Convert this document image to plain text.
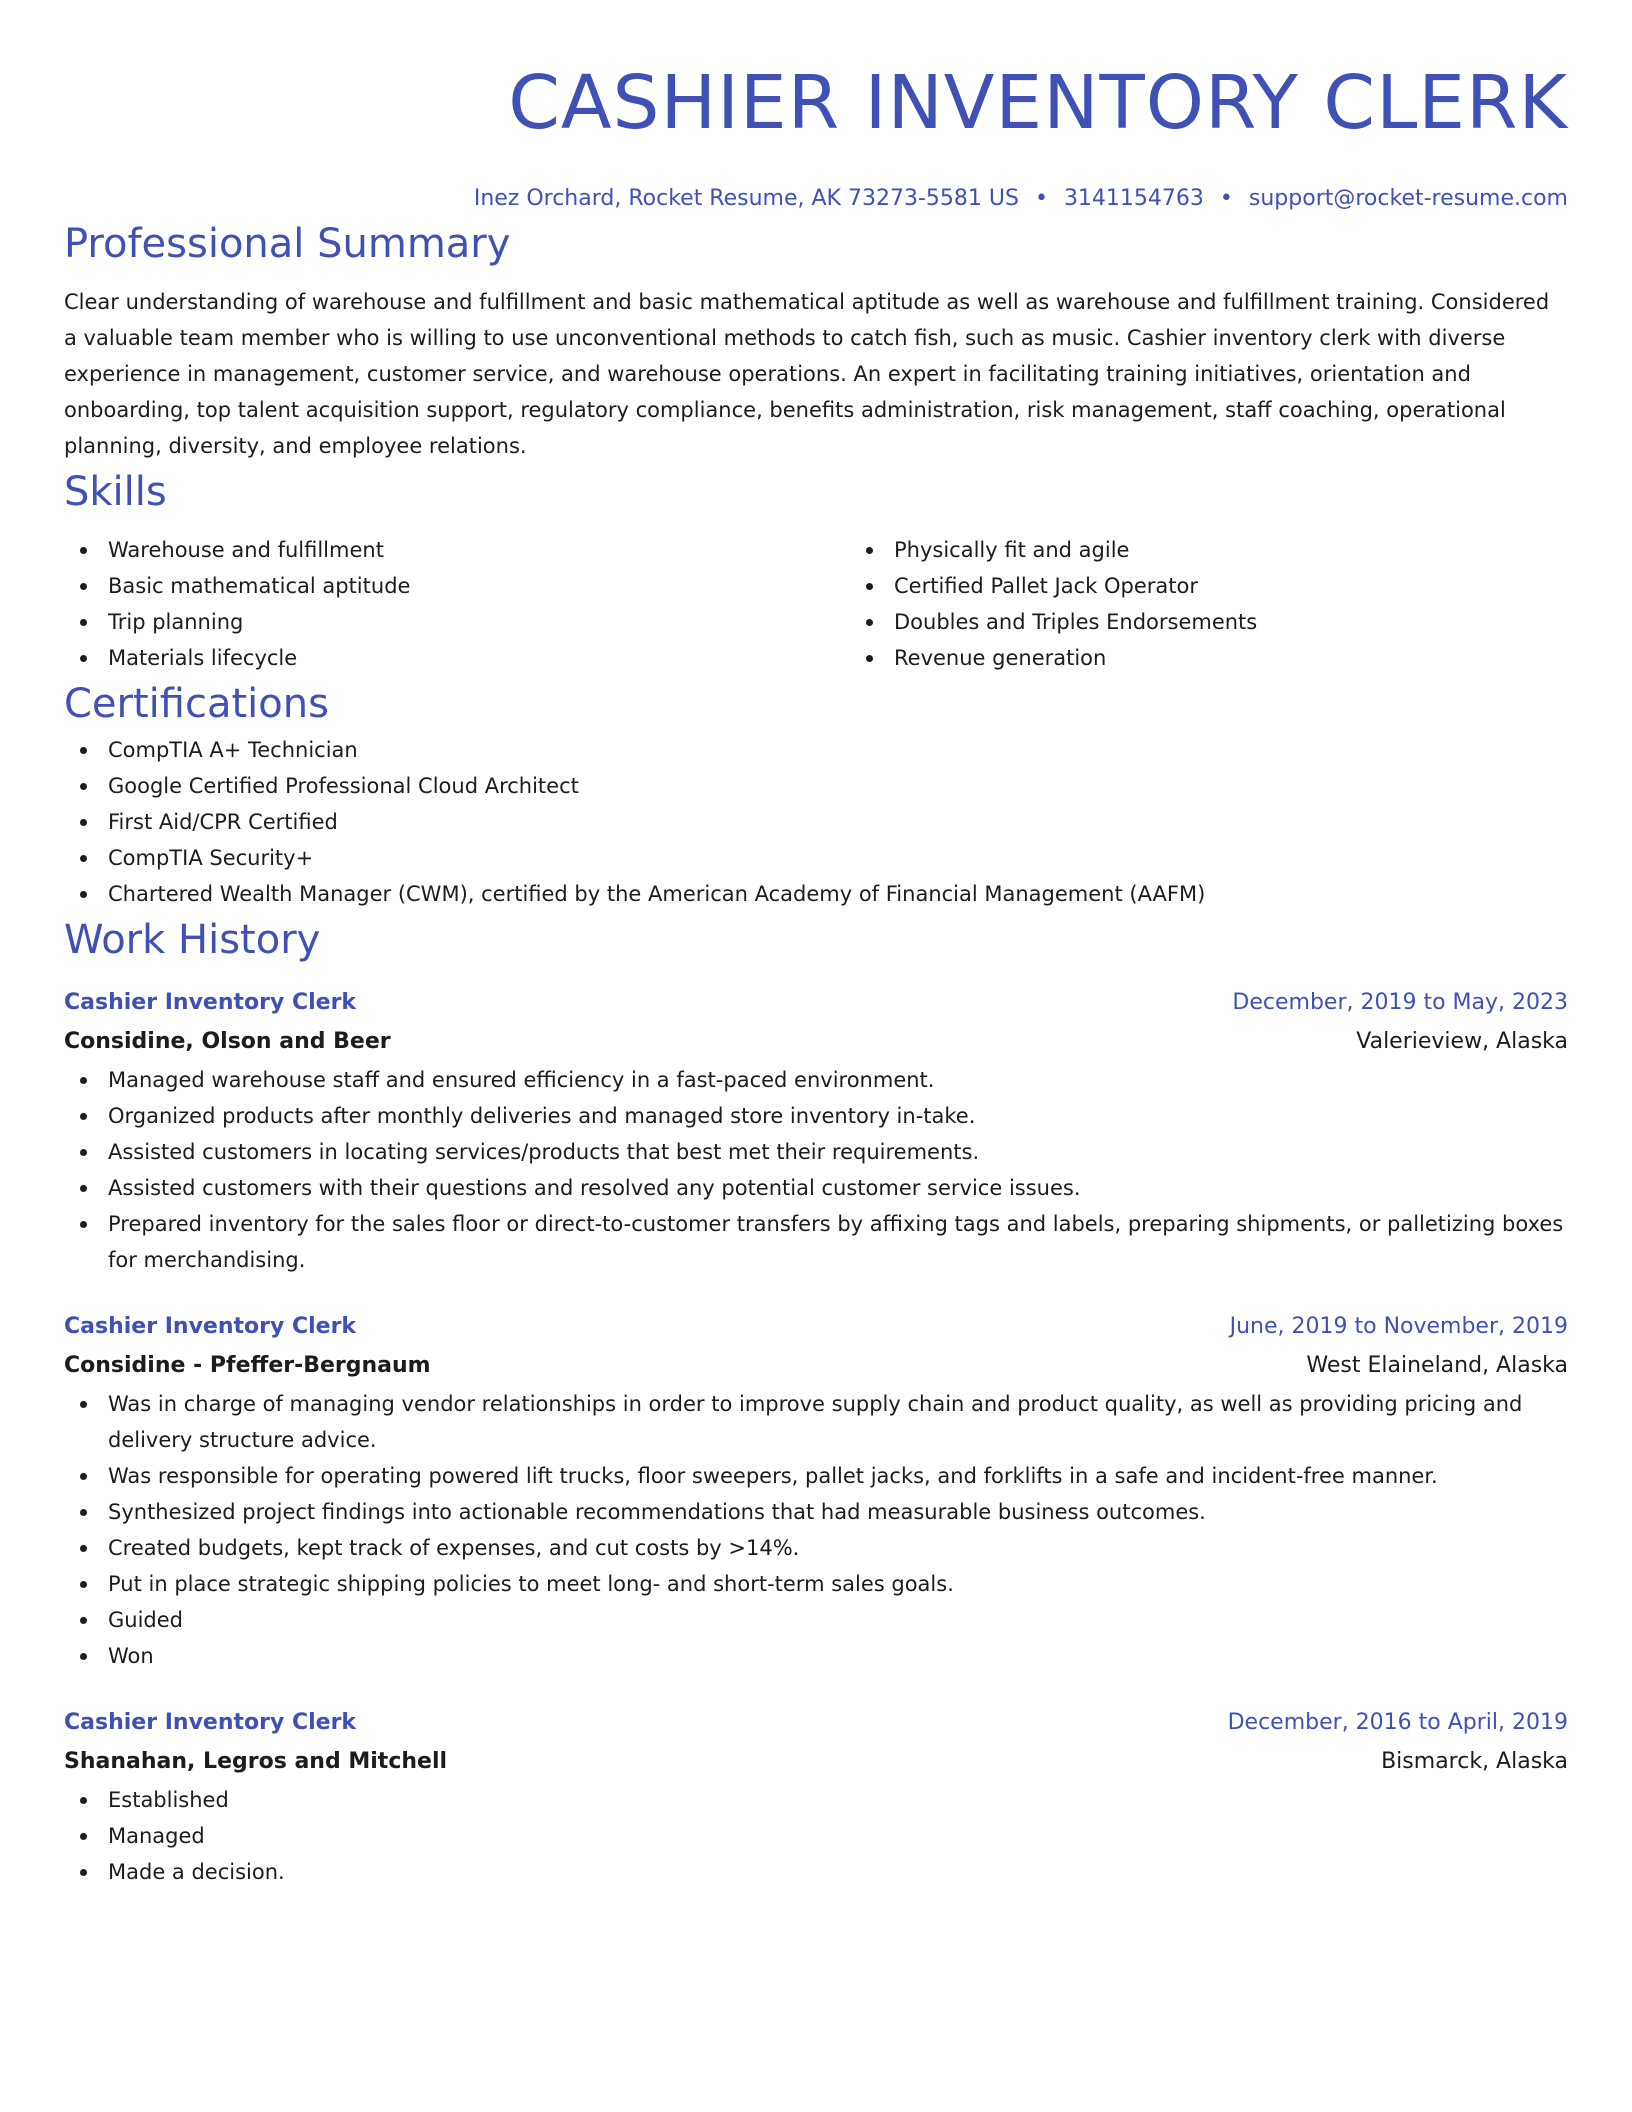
CASHIER INVENTORY CLERK
Inez Orchard, Rocket Resume, AK 73273-5581 US • 3141154763 • support@rocket-resume.com
Professional Summary
Clear understanding of warehouse and fulfillment and basic mathematical aptitude as well as warehouse and fulfillment training. Considered a valuable team member who is willing to use unconventional methods to catch fish, such as music. Cashier inventory clerk with diverse experience in management, customer service, and warehouse operations. An expert in facilitating training initiatives, orientation and onboarding, top talent acquisition support, regulatory compliance, benefits administration, risk management, staff coaching, operational planning, diversity, and employee relations.
Skills
Warehouse and fulfillment
Basic mathematical aptitude
Trip planning
Materials lifecycle
Physically fit and agile
Certified Pallet Jack Operator
Doubles and Triples Endorsements
Revenue generation
Certifications
CompTIA A+ Technician
Google Certified Professional Cloud Architect
First Aid/CPR Certified
CompTIA Security+
Chartered Wealth Manager (CWM), certified by the American Academy of Financial Management (AAFM)
Work History
Cashier Inventory Clerk	December, 2019 to May, 2023
Considine, Olson and Beer	Valerieview, Alaska
Managed warehouse staff and ensured efficiency in a fast-paced environment.
Organized products after monthly deliveries and managed store inventory in-take.
Assisted customers in locating services/products that best met their requirements.
Assisted customers with their questions and resolved any potential customer service issues.
Prepared inventory for the sales floor or direct-to-customer transfers by affixing tags and labels, preparing shipments, or palletizing boxes for merchandising.
Cashier Inventory Clerk	June, 2019 to November, 2019
Considine - Pfeffer-Bergnaum	West Elaineland, Alaska
Was in charge of managing vendor relationships in order to improve supply chain and product quality, as well as providing pricing and delivery structure advice.
Was responsible for operating powered lift trucks, floor sweepers, pallet jacks, and forklifts in a safe and incident-free manner.
Synthesized project findings into actionable recommendations that had measurable business outcomes.
Created budgets, kept track of expenses, and cut costs by >14%.
Put in place strategic shipping policies to meet long- and short-term sales goals.
Guided
Won
Cashier Inventory Clerk	December, 2016 to April, 2019
Shanahan, Legros and Mitchell	Bismarck, Alaska
Established
Managed
Made a decision.
